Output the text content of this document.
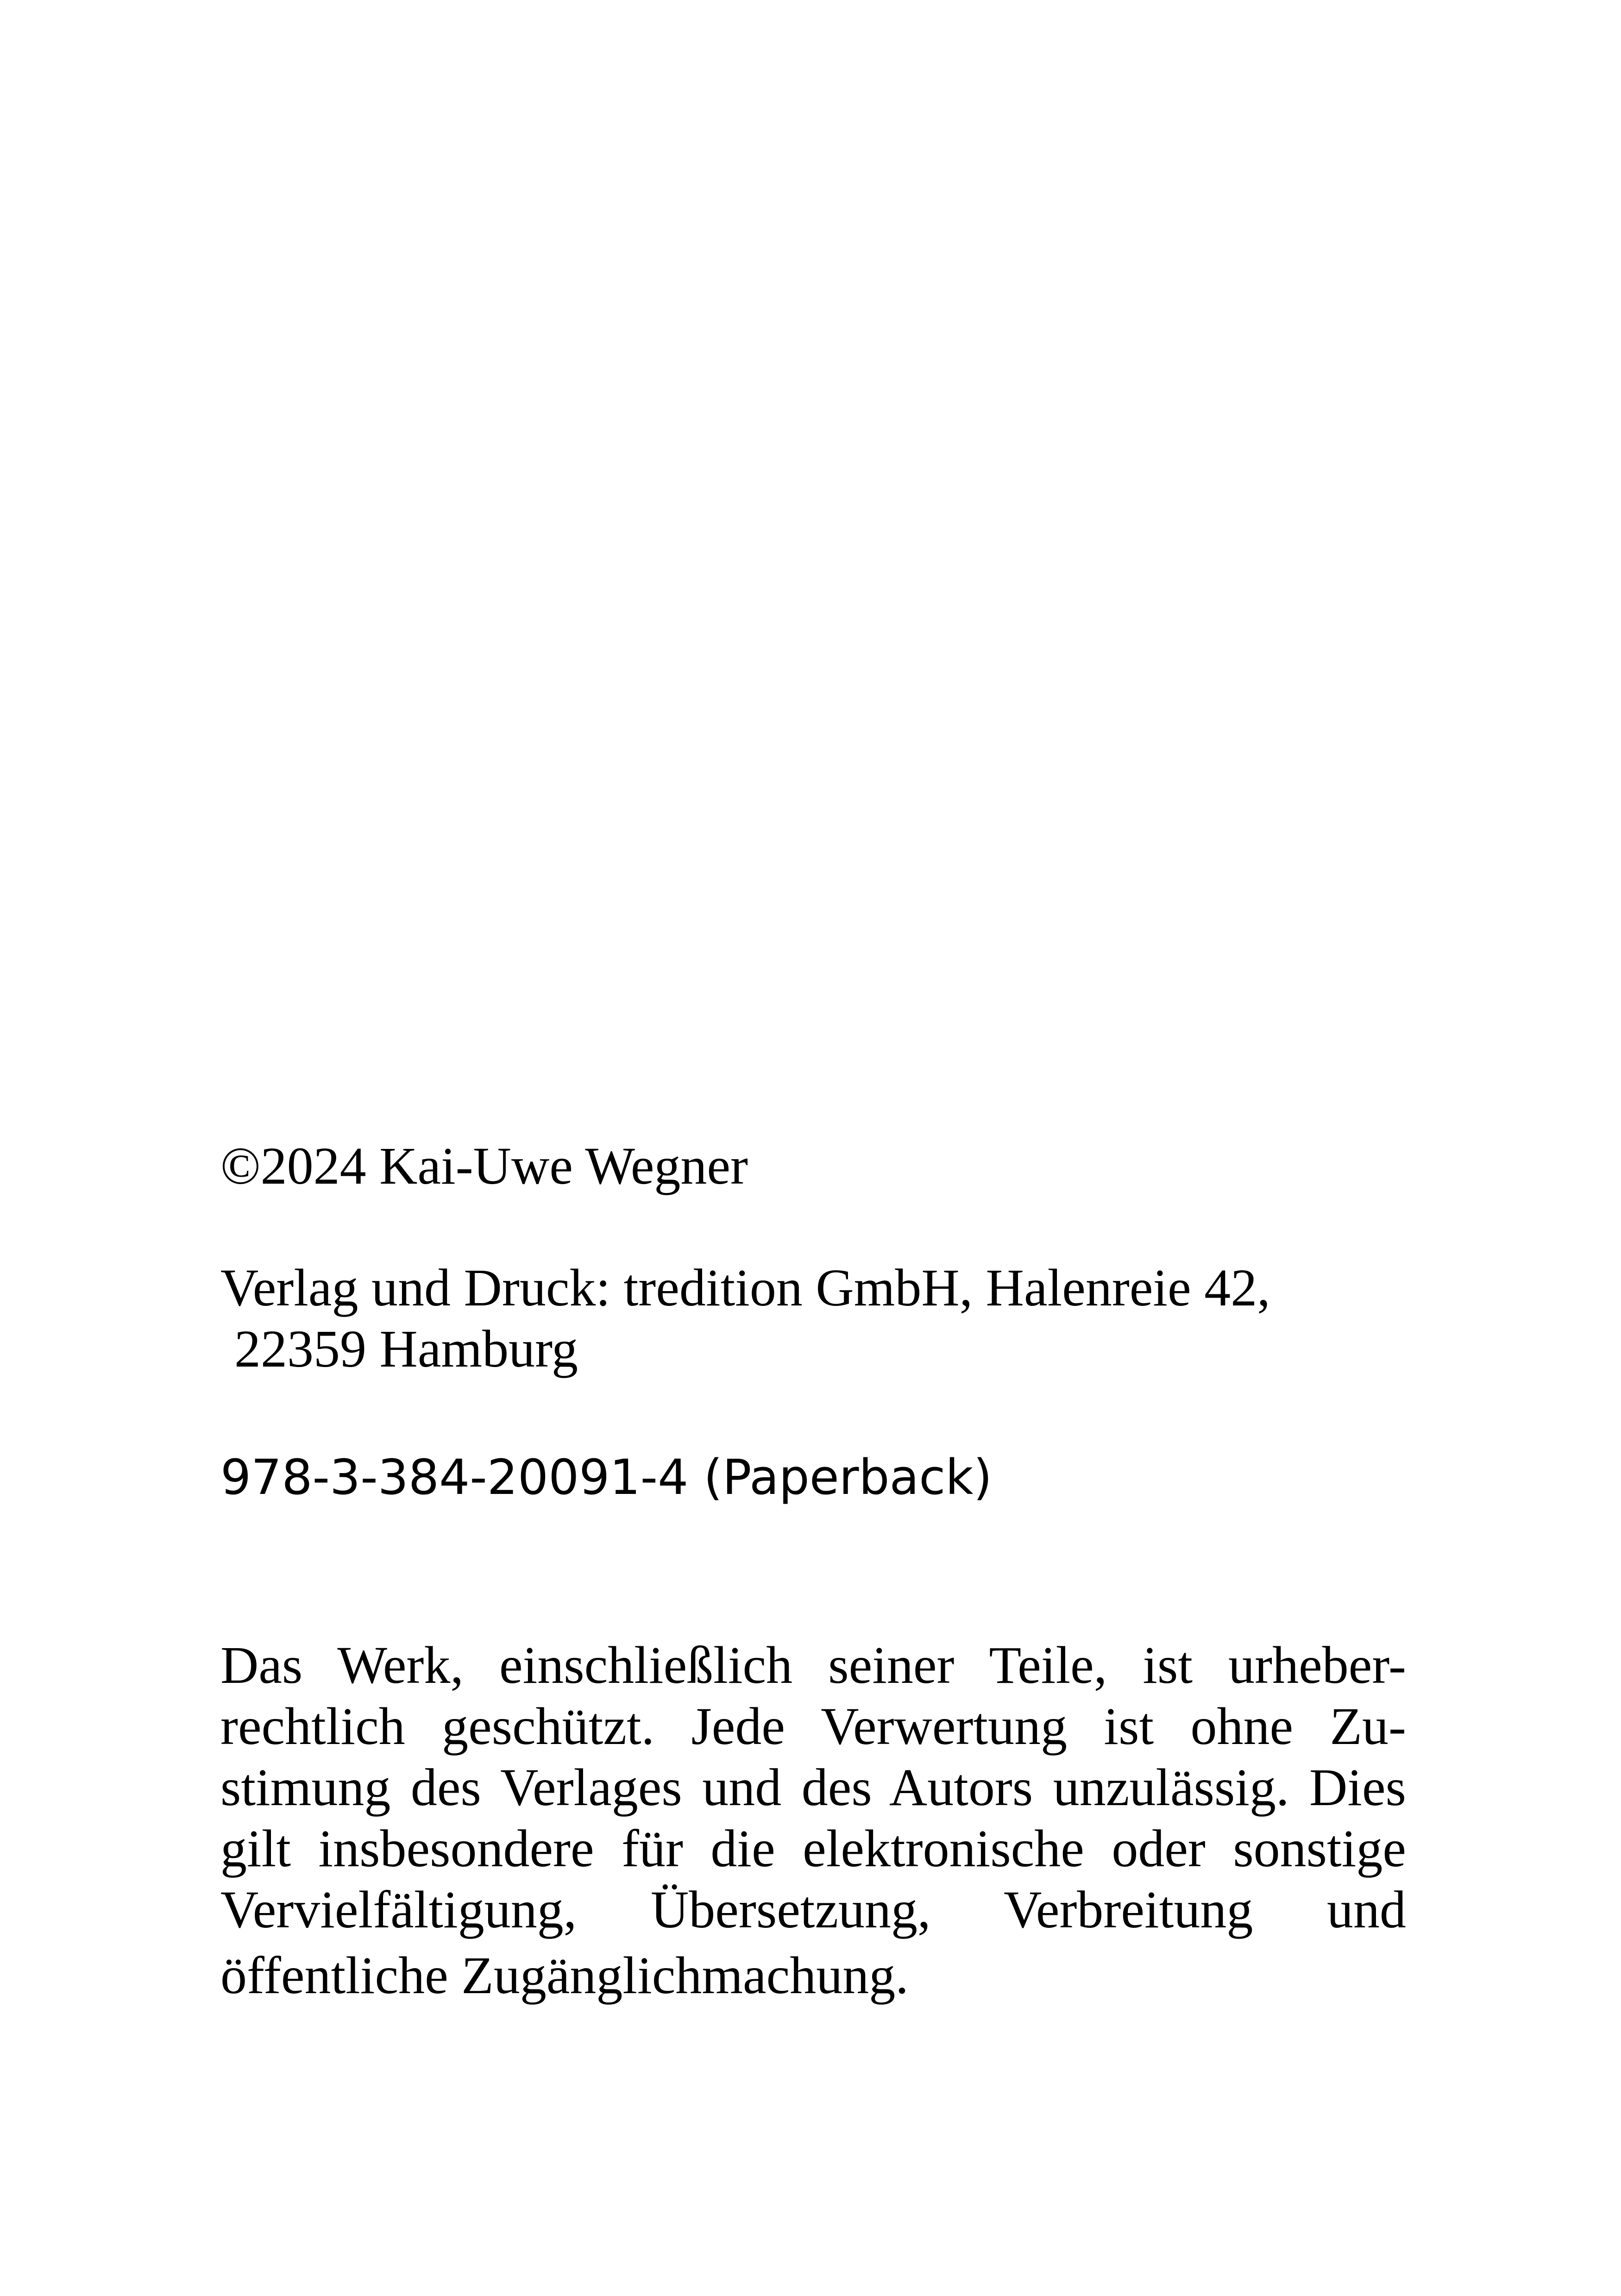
©2024 Kai-Uwe Wegner
Verlag und Druck: tredition GmbH, Halenreie 42,
22359 Hamburg
978-3-384-20091-4 (Paperback)
Das Werk, einschließlich seiner Teile, ist urheber-
rechtlich geschützt. Jede Verwertung ist ohne Zu-
stimung des Verlages und des Autors unzulässig. Dies
gilt insbesondere für die elektronische oder sonstige
Vervielfältigung, Übersetzung, Verbreitung und
öffentliche Zugänglichmachung.
